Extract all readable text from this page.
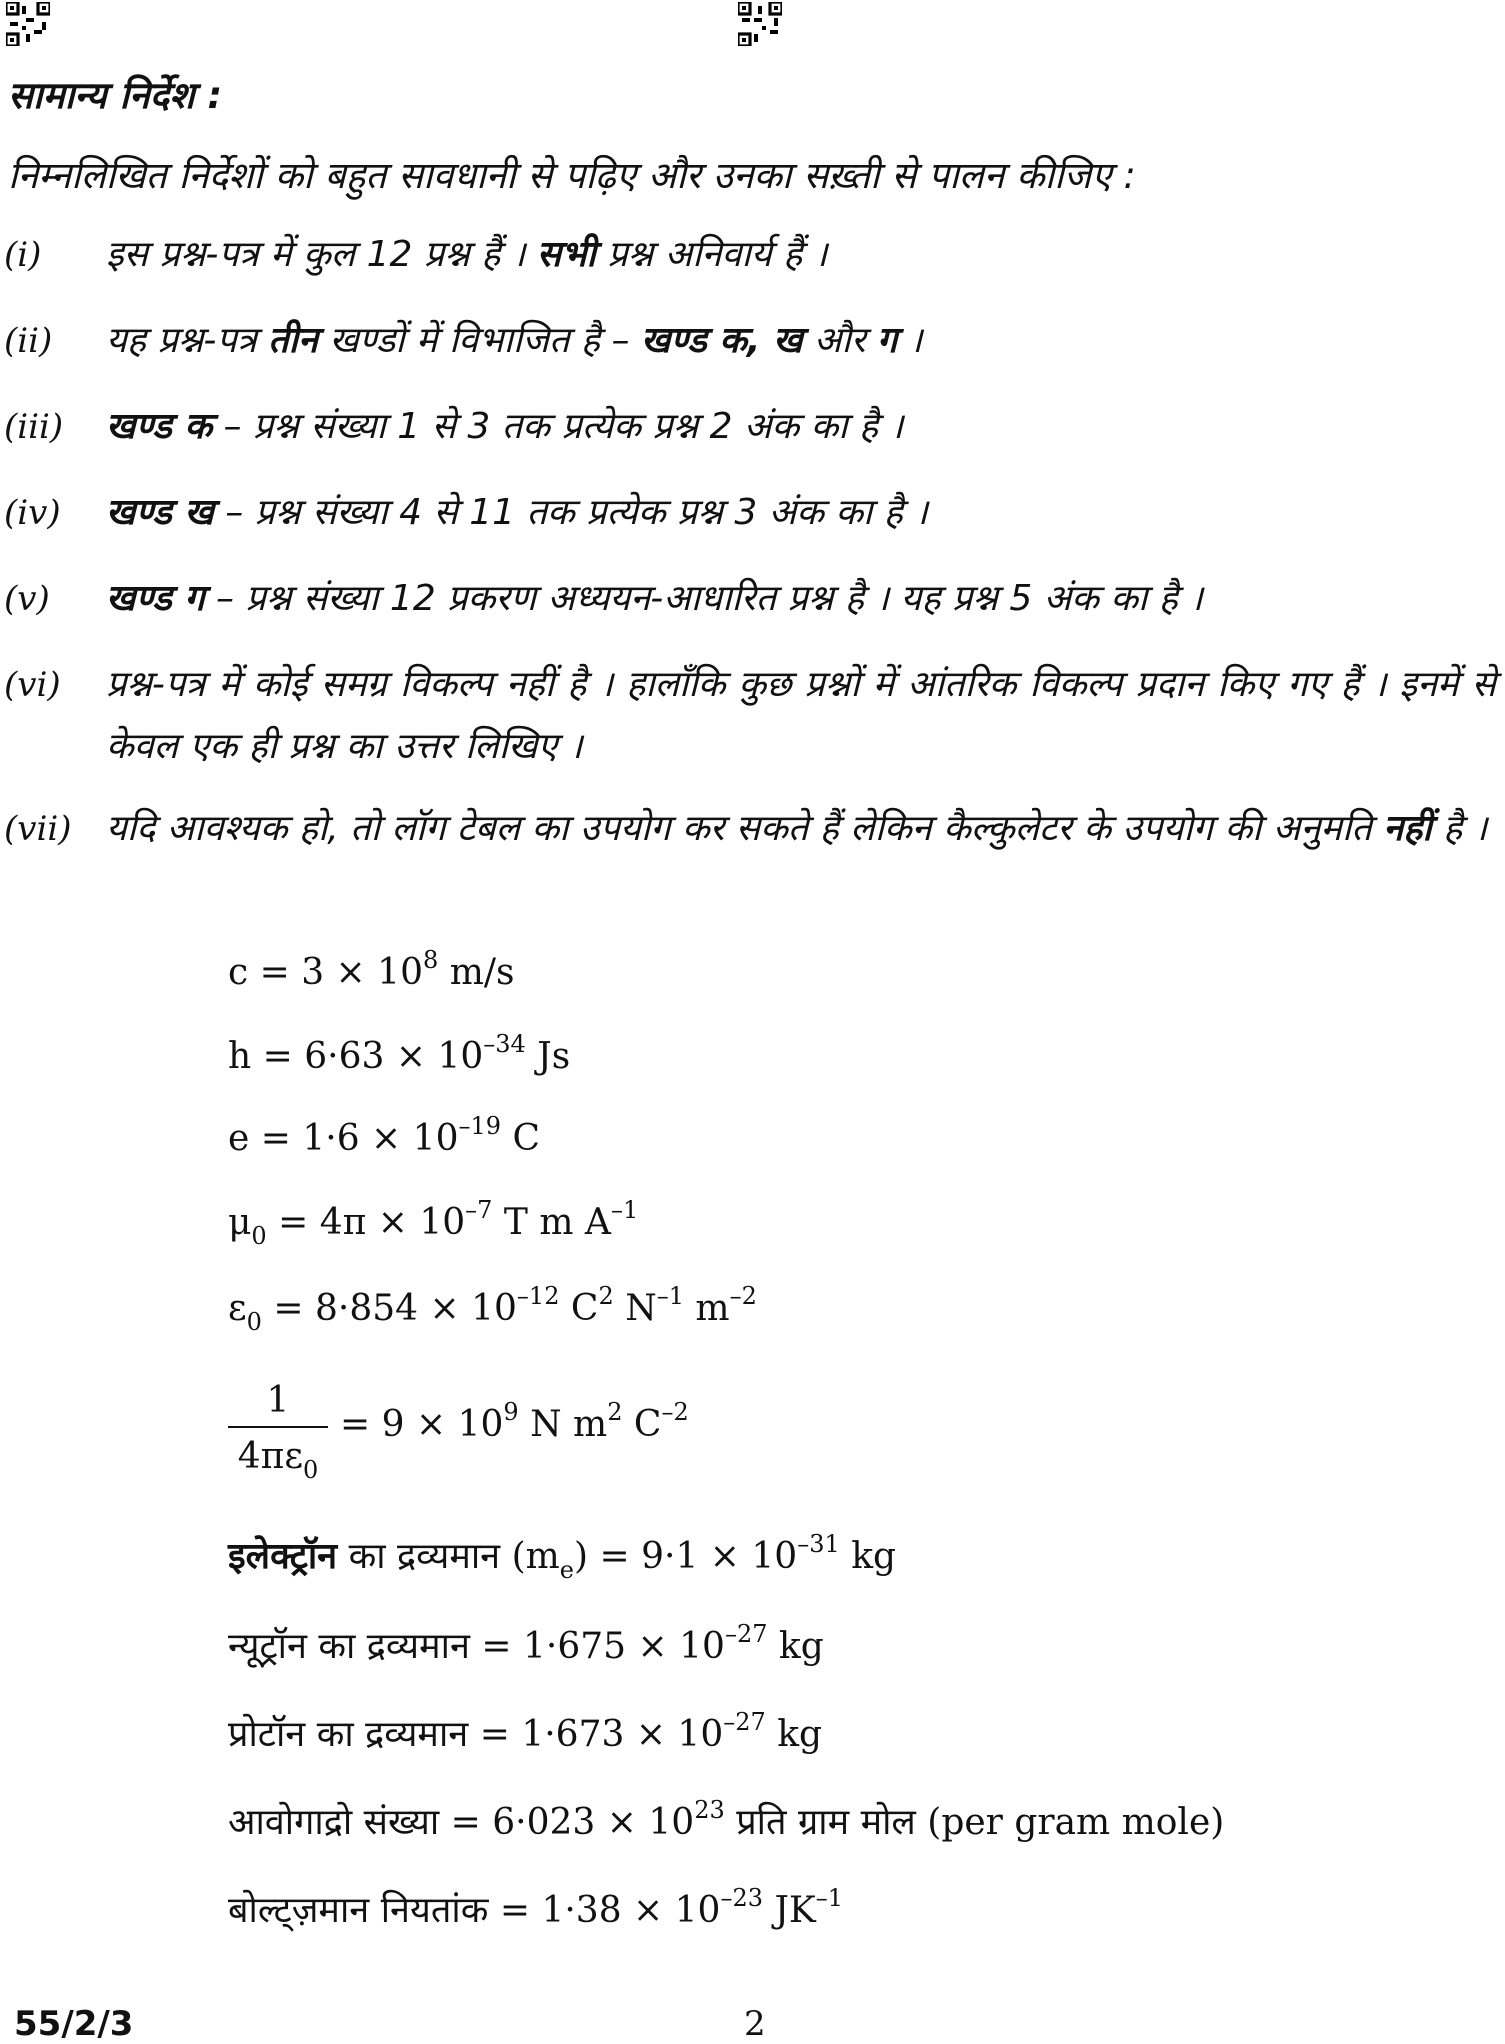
सामान्य निर्देश :
निम्नलिखित निर्देशों को बहुत सावधानी से पढ़िए और उनका सख़्ती से पालन कीजिए :
(i) इस प्रश्न-पत्र में कुल 12 प्रश्न हैं । सभी प्रश्न अनिवार्य हैं ।
(ii) यह प्रश्न-पत्र तीन खण्डों में विभाजित है – खण्ड क, ख और ग ।
(iii) खण्ड क – प्रश्न संख्या 1 से 3 तक प्रत्येक प्रश्न 2 अंक का है ।
(iv) खण्ड ख – प्रश्न संख्या 4 से 11 तक प्रत्येक प्रश्न 3 अंक का है ।
(v) खण्ड ग – प्रश्न संख्या 12 प्रकरण अध्ययन-आधारित प्रश्न है । यह प्रश्न 5 अंक का है ।
(vi) प्रश्न-पत्र में कोई समग्र विकल्प नहीं है । हालाँकि कुछ प्रश्नों में आंतरिक विकल्प प्रदान किए गए हैं । इनमें से केवल एक ही प्रश्न का उत्तर लिखिए ।
(vii) यदि आवश्यक हो, तो लॉग टेबल का उपयोग कर सकते हैं लेकिन कैल्कुलेटर के उपयोग की अनुमति नहीं है ।
$c = 3 \times 10^8$ m/s
$h = 6\cdot 63 \times 10^{-34}$ Js
$e = 1\cdot 6 \times 10^{-19}$ C
$\mu_0 = 4\pi \times 10^{-7}$ T m $A^{-1}$
$\varepsilon_0 = 8\cdot 854 \times 10^{-12}$ $C^2$ $N^{-1}$ $m^{-2}$
1
$4\pi\varepsilon_0$
= $9 \times 10^9$ N $m^2$ $C^{-2}$
इलेक्ट्रॉन का द्रव्यमान $(m_e) = 9\cdot 1 \times 10^{-31}$ kg
न्यूट्रॉन का द्रव्यमान = $1\cdot 675 \times 10^{-27}$ kg
प्रोटॉन का द्रव्यमान = $1\cdot 673 \times 10^{-27}$ kg
आवोगाद्रो संख्या = $6\cdot 023 \times 10^{23}$ प्रति ग्राम मोल (per gram mole)
बोल्ट्ज़मान नियतांक = $1\cdot 38 \times 10^{-23}$ $JK^{-1}$
55/2/3	2
